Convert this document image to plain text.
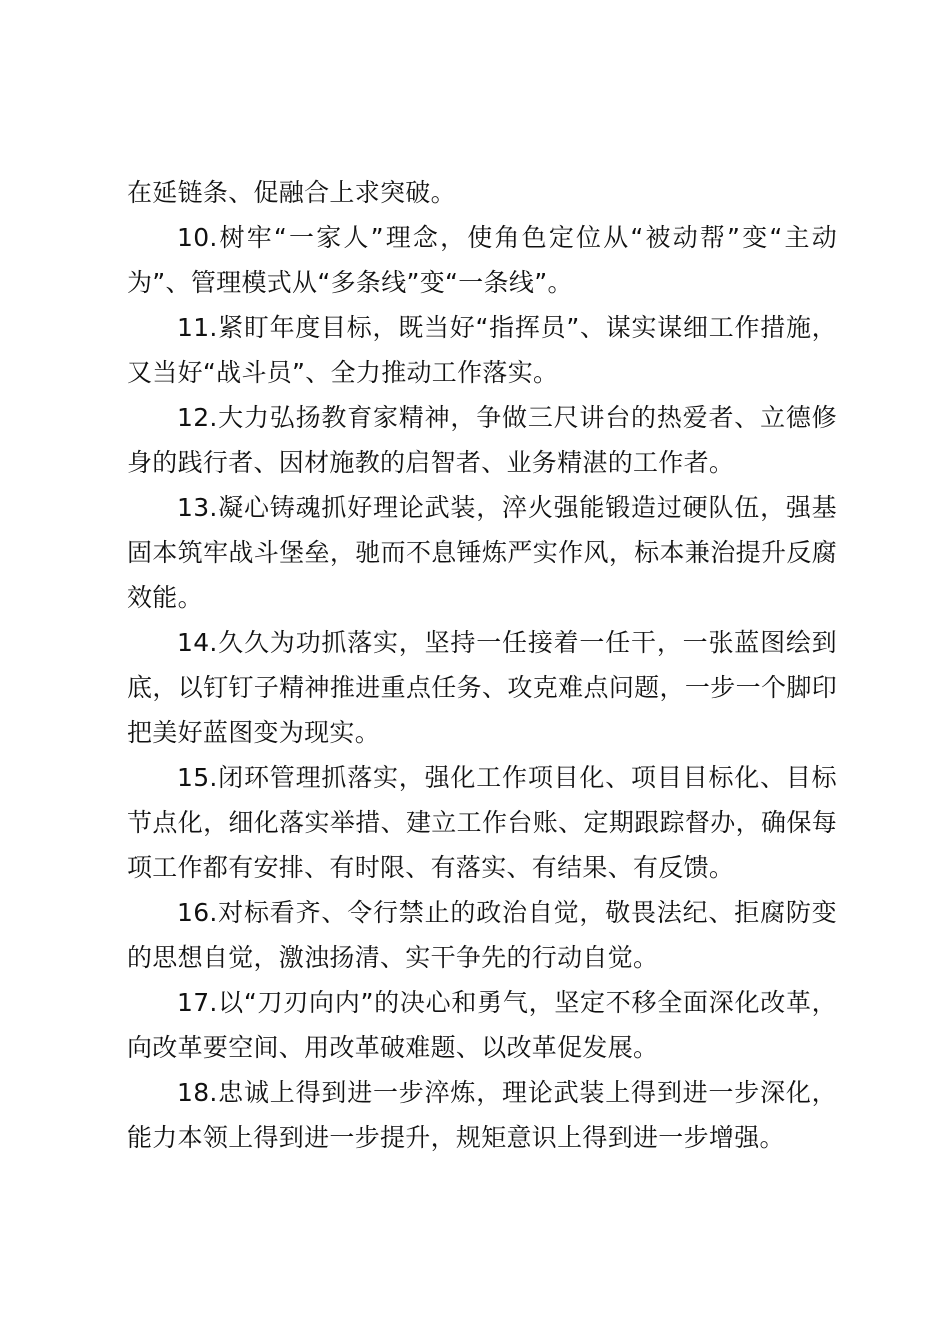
在延链条、促融合上求突破。

10.树牢“一家人”理念，使角色定位从“被动帮”变“主动为”、管理模式从“多条线”变“一条线”。

11.紧盯年度目标，既当好“指挥员”、谋实谋细工作措施，又当好“战斗员”、全力推动工作落实。

12.大力弘扬教育家精神，争做三尺讲台的热爱者、立德修身的践行者、因材施教的启智者、业务精湛的工作者。

13.凝心铸魂抓好理论武装，淬火强能锻造过硬队伍，强基固本筑牢战斗堡垒，驰而不息锤炼严实作风，标本兼治提升反腐效能。

14.久久为功抓落实，坚持一任接着一任干，一张蓝图绘到底，以钉钉子精神推进重点任务、攻克难点问题，一步一个脚印把美好蓝图变为现实。

15.闭环管理抓落实，强化工作项目化、项目目标化、目标节点化，细化落实举措、建立工作台账、定期跟踪督办，确保每项工作都有安排、有时限、有落实、有结果、有反馈。

16.对标看齐、令行禁止的政治自觉，敬畏法纪、拒腐防变的思想自觉，激浊扬清、实干争先的行动自觉。

17.以“刀刃向内”的决心和勇气，坚定不移全面深化改革，向改革要空间、用改革破难题、以改革促发展。

18.忠诚上得到进一步淬炼，理论武装上得到进一步深化，能力本领上得到进一步提升，规矩意识上得到进一步增强。
